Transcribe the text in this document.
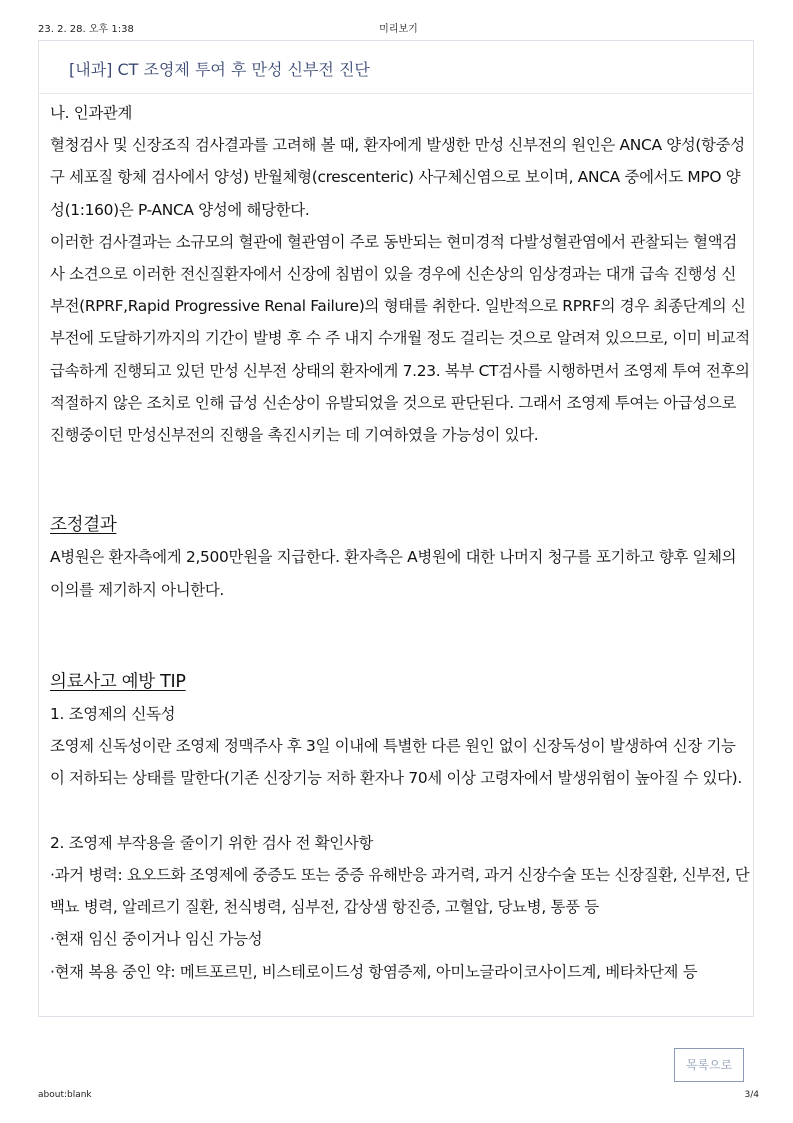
23. 2. 28. 오후 1:38	미리보기
[내과] CT 조영제 투여 후 만성 신부전 진단

나. 인과관계

혈청검사 및 신장조직 검사결과를 고려해 볼 때, 환자에게 발생한 만성 신부전의 원인은 ANCA 양성(항중성구 세포질 항체 검사에서 양성) 반월체형(crescenteric) 사구체신염으로 보이며, ANCA 중에서도 MPO 양성(1:160)은 P-ANCA 양성에 해당한다.

이러한 검사결과는 소규모의 혈관에 혈관염이 주로 동반되는 현미경적 다발성혈관염에서 관찰되는 혈액검사 소견으로 이러한 전신질환자에서 신장에 침범이 있을 경우에 신손상의 임상경과는 대개 급속 진행성 신부전(RPRF,Rapid Progressive Renal Failure)의 형태를 취한다. 일반적으로 RPRF의 경우 최종단계의 신부전에 도달하기까지의 기간이 발병 후 수 주 내지 수개월 정도 걸리는 것으로 알려져 있으므로, 이미 비교적 급속하게 진행되고 있던 만성 신부전 상태의 환자에게 7.23. 복부 CT검사를 시행하면서 조영제 투여 전후의 적절하지 않은 조치로 인해 급성 신손상이 유발되었을 것으로 판단된다. 그래서 조영제 투여는 아급성으로 진행중이던 만성신부전의 진행을 촉진시키는 데 기여하였을 가능성이 있다.

조정결과

A병원은 환자측에게 2,500만원을 지급한다. 환자측은 A병원에 대한 나머지 청구를 포기하고 향후 일체의 이의를 제기하지 아니한다.

의료사고 예방 TIP

1. 조영제의 신독성

조영제 신독성이란 조영제 정맥주사 후 3일 이내에 특별한 다른 원인 없이 신장독성이 발생하여 신장 기능이 저하되는 상태를 말한다(기존 신장기능 저하 환자나 70세 이상 고령자에서 발생위험이 높아질 수 있다).

2. 조영제 부작용을 줄이기 위한 검사 전 확인사항

·과거 병력: 요오드화 조영제에 중증도 또는 중증 유해반응 과거력, 과거 신장수술 또는 신장질환, 신부전, 단백뇨 병력, 알레르기 질환, 천식병력, 심부전, 갑상샘 항진증, 고혈압, 당뇨병, 통풍 등

·현재 임신 중이거나 임신 가능성

·현재 복용 중인 약: 메트포르민, 비스테로이드성 항염증제, 아미노글라이코사이드계, 베타차단제 등

목록으로
about:blank	3/4
